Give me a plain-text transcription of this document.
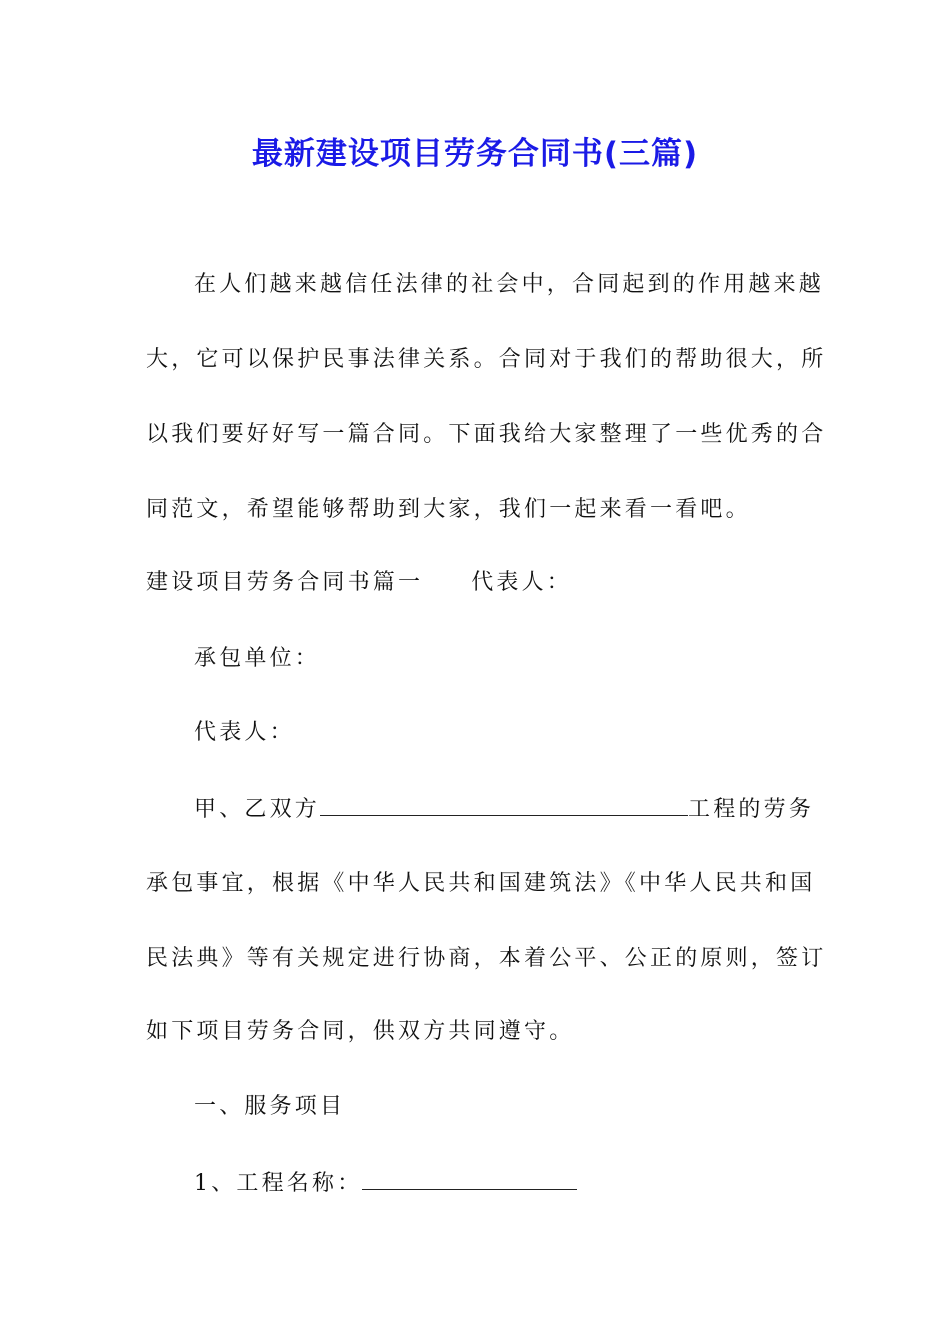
最新建设项目劳务合同书(三篇)

在人们越来越信任法律的社会中，合同起到的作用越来越

大，它可以保护民事法律关系。合同对于我们的帮助很大，所

以我们要好好写一篇合同。下面我给大家整理了一些优秀的合

同范文，希望能够帮助到大家，我们一起来看一看吧。

建设项目劳务合同书篇一 代表人：

承包单位：

代表人：

甲、乙双方	工程的劳务

承包事宜，根据《中华人民共和国建筑法》《中华人民共和国

民法典》等有关规定进行协商，本着公平、公正的原则，签订

如下项目劳务合同，供双方共同遵守。

一、服务项目

1、工程名称：
